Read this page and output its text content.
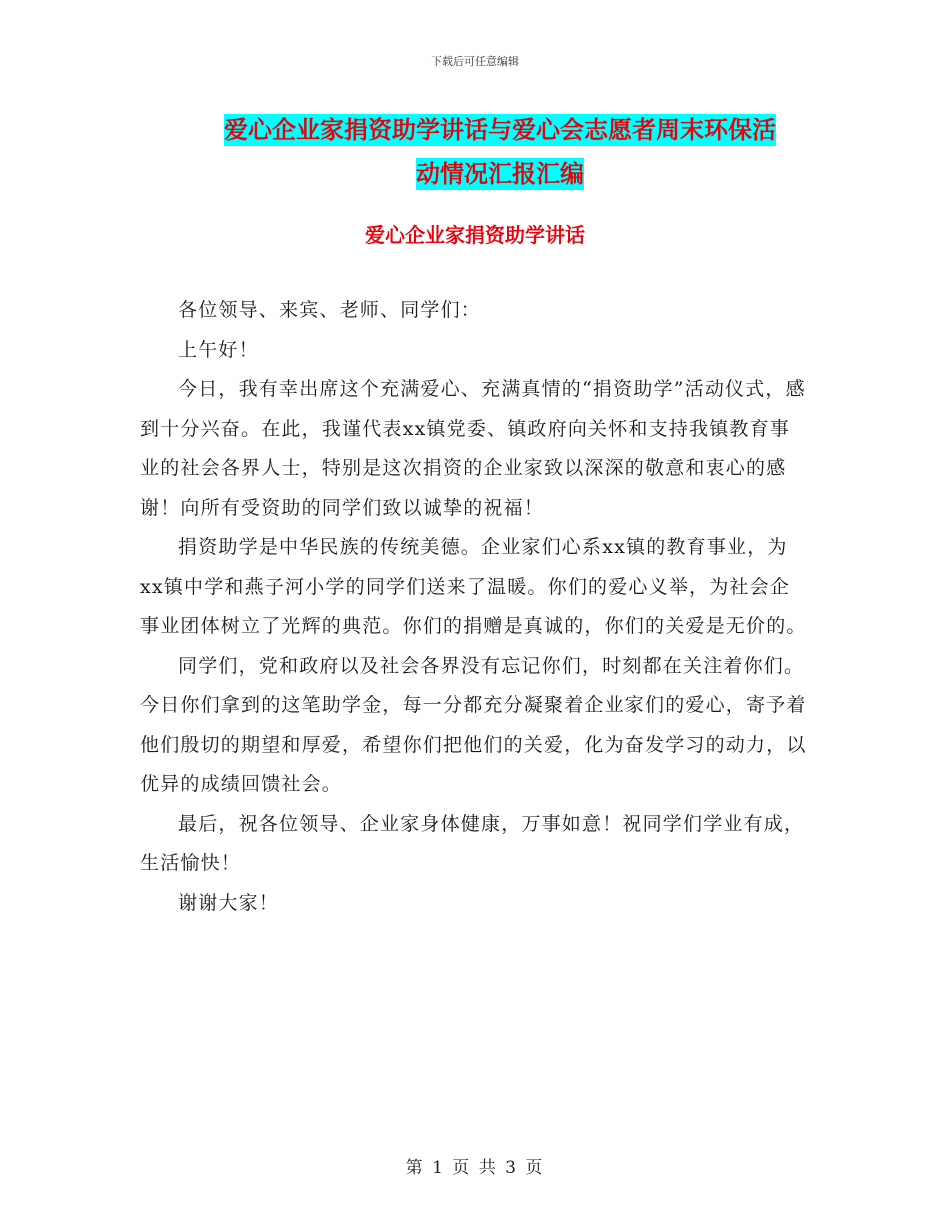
下载后可任意编辑
爱心企业家捐资助学讲话与爱心会志愿者周末环保活
动情况汇报汇编
爱心企业家捐资助学讲话

各位领导、来宾、老师、同学们：

上午好！

今日，我有幸出席这个充满爱心、充满真情的“捐资助学”活动仪式，感到十分兴奋。在此，我谨代表xx镇党委、镇政府向关怀和支持我镇教育事业的社会各界人士，特别是这次捐资的企业家致以深深的敬意和衷心的感谢！向所有受资助的同学们致以诚挚的祝福！

捐资助学是中华民族的传统美德。企业家们心系xx镇的教育事业，为xx镇中学和燕子河小学的同学们送来了温暖。你们的爱心义举，为社会企事业团体树立了光辉的典范。你们的捐赠是真诚的，你们的关爱是无价的。

同学们，党和政府以及社会各界没有忘记你们，时刻都在关注着你们。今日你们拿到的这笔助学金，每一分都充分凝聚着企业家们的爱心，寄予着他们殷切的期望和厚爱，希望你们把他们的关爱，化为奋发学习的动力，以优异的成绩回馈社会。

最后，祝各位领导、企业家身体健康，万事如意！祝同学们学业有成，生活愉快！

谢谢大家！

第 1 页 共 3 页
